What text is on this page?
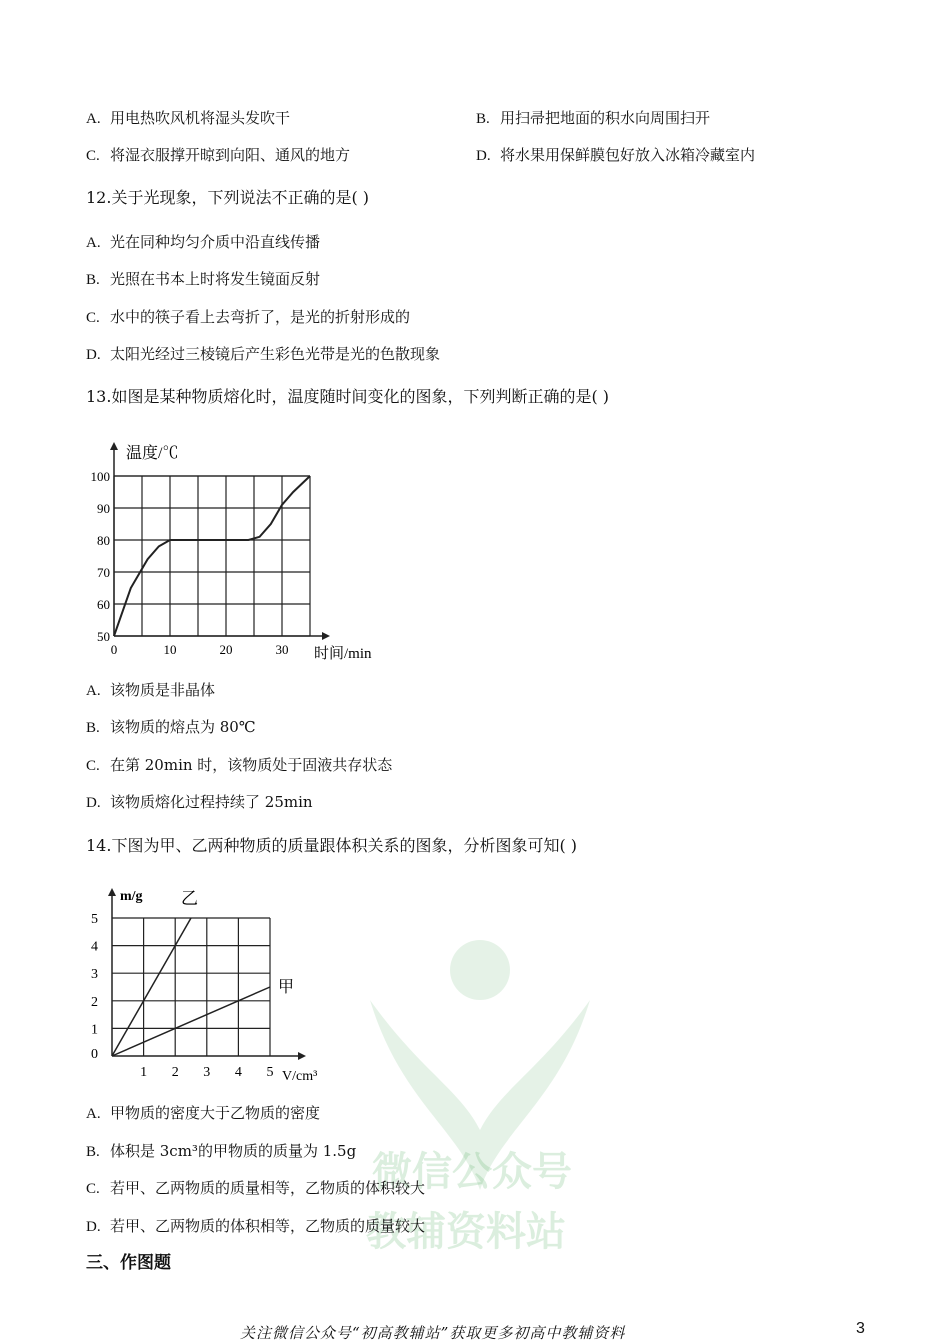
微信公众号
教辅资料站
A. 用电热吹风机将湿头发吹干	B. 用扫帚把地面的积水向周围扫开
C. 将湿衣服撑开晾到向阳、通风的地方	D. 将水果用保鲜膜包好放入冰箱冷藏室内
12.关于光现象，下列说法不正确的是( )
A. 光在同种均匀介质中沿直线传播
B. 光照在书本上时将发生镜面反射
C. 水中的筷子看上去弯折了，是光的折射形成的
D. 太阳光经过三棱镜后产生彩色光带是光的色散现象
13.如图是某种物质熔化时，温度随时间变化的图象，下列判断正确的是( )
0	10	20	30
50
60
70
80
90
100
温度/℃
时间/min
A. 该物质是非晶体
B. 该物质的熔点为 80℃
C. 在第 20min 时，该物质处于固液共存状态
D. 该物质熔化过程持续了 25min
14.下图为甲、乙两种物质的质量跟体积关系的图象，分析图象可知( )
1 2 3 4 5
0
1
2
3
4
5
m/g
V/cm³
乙
甲
A. 甲物质的密度大于乙物质的密度
B. 体积是 3cm³的甲物质的质量为 1.5g
C. 若甲、乙两物质的质量相等，乙物质的体积较大
D. 若甲、乙两物质的体积相等，乙物质的质量较大
三、作图题
关注微信公众号“初高教辅站”获取更多初高中教辅资料	3
